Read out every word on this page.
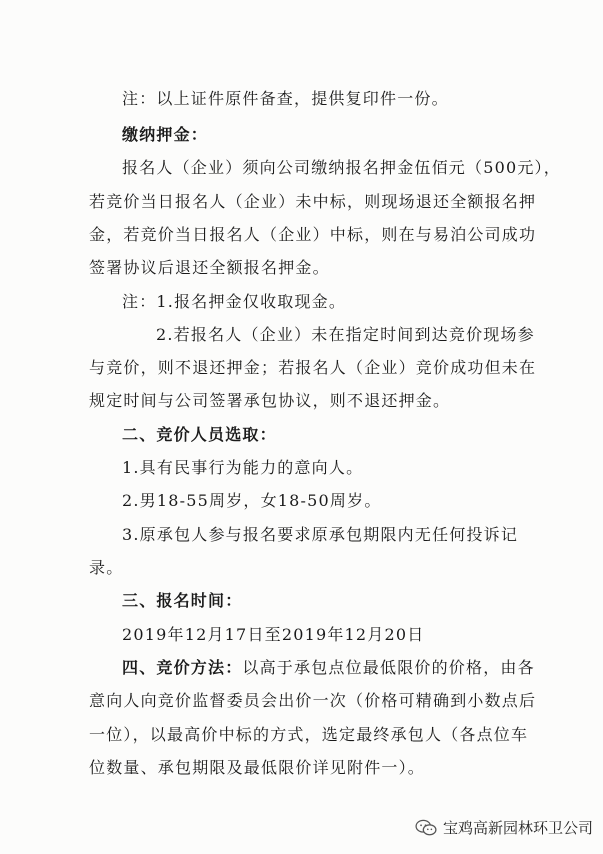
注：以上证件原件备查，提供复印件一份。
缴纳押金：
报名人（企业）须向公司缴纳报名押金伍佰元（500元），
若竞价当日报名人（企业）未中标，则现场退还全额报名押
金，若竞价当日报名人（企业）中标，则在与易泊公司成功
签署协议后退还全额报名押金。
注：1.报名押金仅收取现金。
2.若报名人（企业）未在指定时间到达竞价现场参
与竞价，则不退还押金；若报名人（企业）竞价成功但未在
规定时间与公司签署承包协议，则不退还押金。
二、竞价人员选取：
1.具有民事行为能力的意向人。
2.男18-55周岁，女18-50周岁。
3.原承包人参与报名要求原承包期限内无任何投诉记
录。
三、报名时间：
2019年12月17日至2019年12月20日
四、竞价方法：以高于承包点位最低限价的价格，由各
意向人向竞价监督委员会出价一次（价格可精确到小数点后
一位），以最高价中标的方式，选定最终承包人（各点位车
位数量、承包期限及最低限价详见附件一）。
宝鸡高新园林环卫公司
